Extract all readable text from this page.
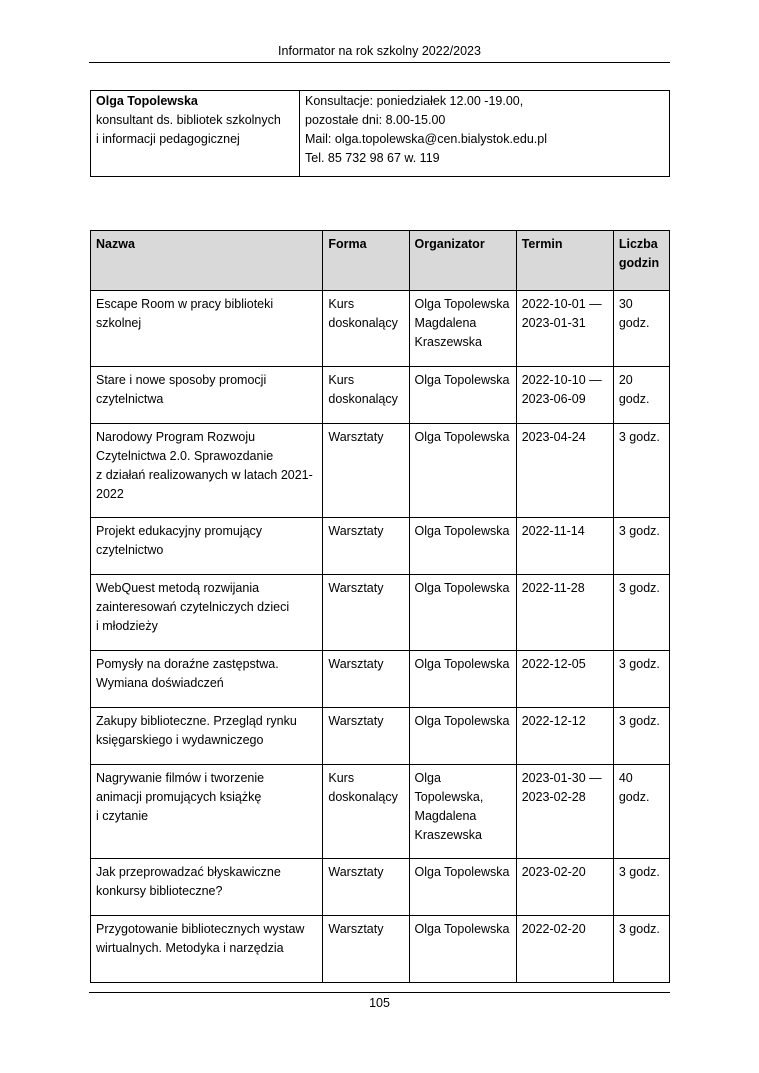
Informator na rok szkolny 2022/2023
Olga Topolewska
konsultant ds. bibliotek szkolnych
i informacji pedagogicznej

Konsultacje: poniedziałek 12.00 -19.00,
pozostałe dni: 8.00-15.00
Mail: olga.topolewska@cen.bialystok.edu.pl
Tel. 85 732 98 67 w. 119
Nazwa	Forma	Organizator	Termin	Liczba
godzin

Escape Room w pracy biblioteki
szkolnej	Kurs
doskonalący	Olga Topolewska
Magdalena
Kraszewska	2022-10-01 —
2023-01-31	30
godz.

Stare i nowe sposoby promocji
czytelnictwa	Kurs
doskonalący	Olga Topolewska	2022-10-10 —
2023-06-09	20
godz.

Narodowy Program Rozwoju
Czytelnictwa 2.0. Sprawozdanie
z działań realizowanych w latach 2021-
2022	Warsztaty	Olga Topolewska	2023-04-24	3 godz.

Projekt edukacyjny promujący
czytelnictwo	Warsztaty	Olga Topolewska	2022-11-14	3 godz.

WebQuest metodą rozwijania
zainteresowań czytelniczych dzieci
i młodzieży	Warsztaty	Olga Topolewska	2022-11-28	3 godz.

Pomysły na doraźne zastępstwa.
Wymiana doświadczeń	Warsztaty	Olga Topolewska	2022-12-05	3 godz.

Zakupy biblioteczne. Przegląd rynku
księgarskiego i wydawniczego	Warsztaty	Olga Topolewska	2022-12-12	3 godz.

Nagrywanie filmów i tworzenie
animacji promujących książkę
i czytanie	Kurs
doskonalący	Olga
Topolewska,
Magdalena
Kraszewska	2023-01-30 —
2023-02-28	40
godz.

Jak przeprowadzać błyskawiczne
konkursy biblioteczne?	Warsztaty	Olga Topolewska	2023-02-20	3 godz.

Przygotowanie bibliotecznych wystaw
wirtualnych. Metodyka i narzędzia	Warsztaty	Olga Topolewska	2022-02-20	3 godz.
105
